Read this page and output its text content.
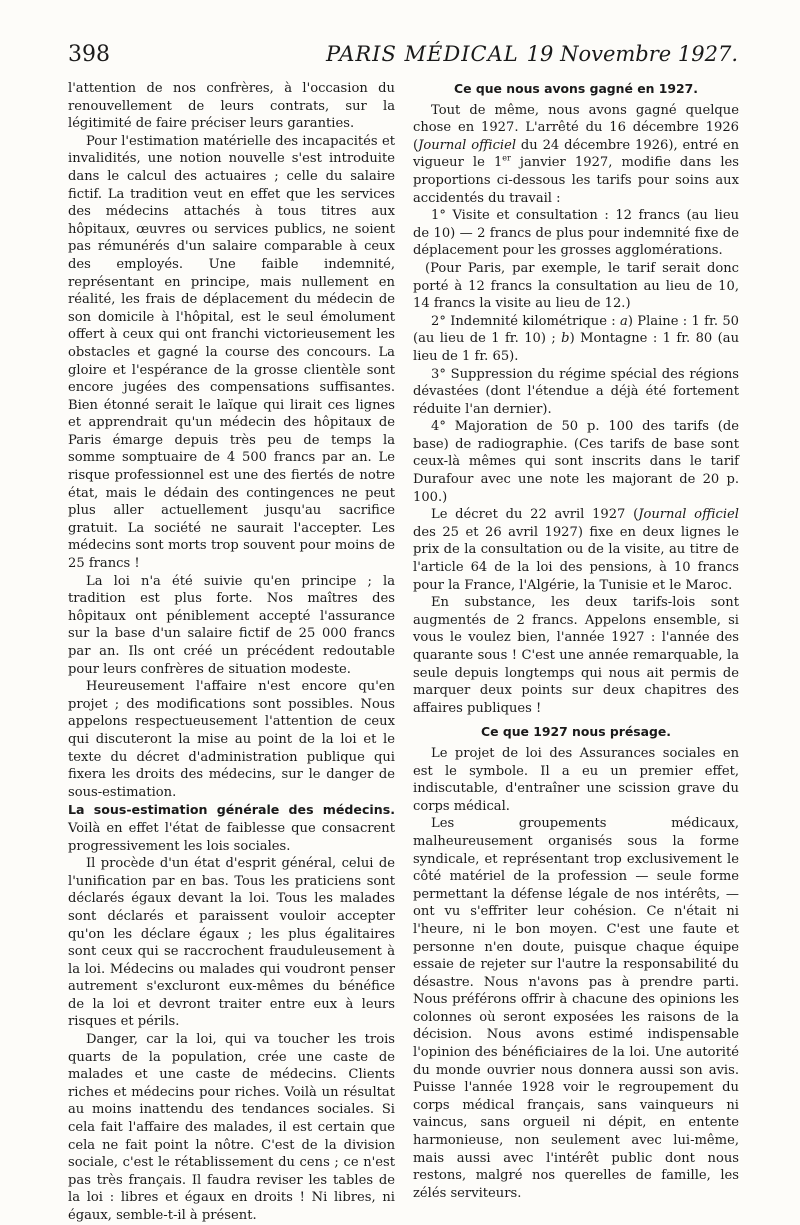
398	PARIS MÉDICAL 19 Novembre 1927.

l'attention de nos confrères, à l'occasion du renouvellement de leurs contrats, sur la légitimité de faire préciser leurs garanties.

Pour l'estimation matérielle des incapacités et invalidités, une notion nouvelle s'est introduite dans le calcul des actuaires ; celle du salaire fictif. La tradition veut en effet que les services des médecins attachés à tous titres aux hôpitaux, œuvres ou services publics, ne soient pas rémunérés d'un salaire comparable à ceux des employés. Une faible indemnité, représentant en principe, mais nullement en réalité, les frais de déplacement du médecin de son domicile à l'hôpital, est le seul émolument offert à ceux qui ont franchi victorieusement les obstacles et gagné la course des concours. La gloire et l'espérance de la grosse clientèle sont encore jugées des compensations suffisantes. Bien étonné serait le laïque qui lirait ces lignes et apprendrait qu'un médecin des hôpitaux de Paris émarge depuis très peu de temps la somme somptuaire de 4 500 francs par an. Le risque professionnel est une des fiertés de notre état, mais le dédain des contingences ne peut plus aller actuellement jusqu'au sacrifice gratuit. La société ne saurait l'accepter. Les médecins sont morts trop souvent pour moins de 25 francs !

La loi n'a été suivie qu'en principe ; la tradition est plus forte. Nos maîtres des hôpitaux ont péniblement accepté l'assurance sur la base d'un salaire fictif de 25 000 francs par an. Ils ont créé un précédent redoutable pour leurs confrères de situation modeste.

Heureusement l'affaire n'est encore qu'en projet ; des modifications sont possibles. Nous appelons respectueusement l'attention de ceux qui discuteront la mise au point de la loi et le texte du décret d'administration publique qui fixera les droits des médecins, sur le danger de sous-estimation.

La sous-estimation générale des médecins. Voilà en effet l'état de faiblesse que consacrent progressivement les lois sociales.

Il procède d'un état d'esprit général, celui de l'unification par en bas. Tous les praticiens sont déclarés égaux devant la loi. Tous les malades sont déclarés et paraissent vouloir accepter qu'on les déclare égaux ; les plus égalitaires sont ceux qui se raccrochent frauduleusement à la loi. Médecins ou malades qui voudront penser autrement s'excluront eux-mêmes du bénéfice de la loi et devront traiter entre eux à leurs risques et périls.

Danger, car la loi, qui va toucher les trois quarts de la population, crée une caste de malades et une caste de médecins. Clients riches et médecins pour riches. Voilà un résultat au moins inattendu des tendances sociales. Si cela fait l'affaire des malades, il est certain que cela ne fait point la nôtre. C'est de la division sociale, c'est le rétablissement du cens ; ce n'est pas très français. Il faudra reviser les tables de la loi : libres et égaux en droits ! Ni libres, ni égaux, semble-t-il à présent.

Ce que nous avons gagné en 1927.

Tout de même, nous avons gagné quelque chose en 1927. L'arrêté du 16 décembre 1926 (Journal officiel du 24 décembre 1926), entré en vigueur le 1er janvier 1927, modifie dans les proportions ci-dessous les tarifs pour soins aux accidentés du travail :

1° Visite et consultation : 12 francs (au lieu de 10) — 2 francs de plus pour indemnité fixe de déplacement pour les grosses agglomérations.

(Pour Paris, par exemple, le tarif serait donc porté à 12 francs la consultation au lieu de 10, 14 francs la visite au lieu de 12.)

2° Indemnité kilométrique : a) Plaine : 1 fr. 50 (au lieu de 1 fr. 10) ; b) Montagne : 1 fr. 80 (au lieu de 1 fr. 65).

3° Suppression du régime spécial des régions dévastées (dont l'étendue a déjà été fortement réduite l'an dernier).

4° Majoration de 50 p. 100 des tarifs (de base) de radiographie. (Ces tarifs de base sont ceux-là mêmes qui sont inscrits dans le tarif Durafour avec une note les majorant de 20 p. 100.)

Le décret du 22 avril 1927 (Journal officiel des 25 et 26 avril 1927) fixe en deux lignes le prix de la consultation ou de la visite, au titre de l'article 64 de la loi des pensions, à 10 francs pour la France, l'Algérie, la Tunisie et le Maroc.

En substance, les deux tarifs-lois sont augmentés de 2 francs. Appelons ensemble, si vous le voulez bien, l'année 1927 : l'année des quarante sous ! C'est une année remarquable, la seule depuis longtemps qui nous ait permis de marquer deux points sur deux chapitres des affaires publiques !

Ce que 1927 nous présage.

Le projet de loi des Assurances sociales en est le symbole. Il a eu un premier effet, indiscutable, d'entraîner une scission grave du corps médical.

Les groupements médicaux, malheureusement organisés sous la forme syndicale, et représentant trop exclusivement le côté matériel de la profession — seule forme permettant la défense légale de nos intérêts, — ont vu s'effriter leur cohésion. Ce n'était ni l'heure, ni le bon moyen. C'est une faute et personne n'en doute, puisque chaque équipe essaie de rejeter sur l'autre la responsabilité du désastre. Nous n'avons pas à prendre parti. Nous préférons offrir à chacune des opinions les colonnes où seront exposées les raisons de la décision. Nous avons estimé indispensable l'opinion des bénéficiaires de la loi. Une autorité du monde ouvrier nous donnera aussi son avis. Puisse l'année 1928 voir le regroupement du corps médical français, sans vainqueurs ni vaincus, sans orgueil ni dépit, en entente harmonieuse, non seulement avec lui-même, mais aussi avec l'intérêt public dont nous restons, malgré nos querelles de famille, les zélés serviteurs.
